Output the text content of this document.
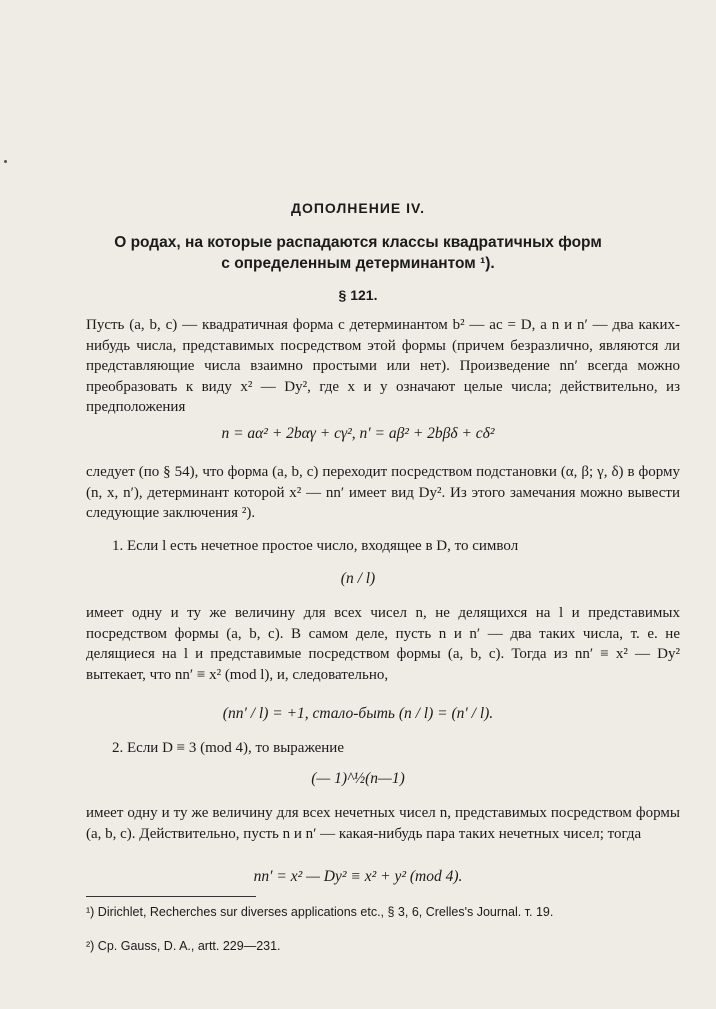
ДОПОЛНЕНИЕ IV.
О родах, на которые распадаются классы квадратичных форм
с определенным детерминантом ¹).
§ 121.

Пусть (a, b, c) — квадратичная форма с детерминантом b² — ac = D, а n и n′ — два каких-нибудь числа, представимых посредством этой формы (причем безразлично, являются ли представляющие числа взаимно простыми или нет). Произведение nn′ всегда можно преобразовать к виду x² — Dy², где x и y означают целые числа; действительно, из предположения

n = aα² + 2bαγ + cγ², n′ = aβ² + 2bβδ + cδ²

следует (по § 54), что форма (a, b, c) переходит посредством подстановки (α, β; γ, δ) в форму (n, x, n′), детерминант которой x² — nn′ имеет вид Dy². Из этого замечания можно вывести следующие заключения ²).

1. Если l есть нечетное простое число, входящее в D, то символ

(n / l)

имеет одну и ту же величину для всех чисел n, не делящихся на l и представимых посредством формы (a, b, c). В самом деле, пусть n и n′ — два таких числа, т. е. не делящиеся на l и представимые посредством формы (a, b, c). Тогда из nn′ ≡ x² — Dy² вытекает, что nn′ ≡ x² (mod l), и, следовательно,

(nn′ / l) = +1, стало-быть (n / l) = (n′ / l).

2. Если D ≡ 3 (mod 4), то выражение

(— 1)^½(n—1)

имеет одну и ту же величину для всех нечетных чисел n, представимых посредством формы (a, b, c). Действительно, пусть n и n′ — какая-нибудь пара таких нечетных чисел; тогда

nn′ = x² — Dy² ≡ x² + y² (mod 4).
¹) Dirichlet, Recherches sur diverses applications etc., § 3, 6, Crelles's Journal. т. 19.
²) Ср. Gauss, D. A., artt. 229—231.
